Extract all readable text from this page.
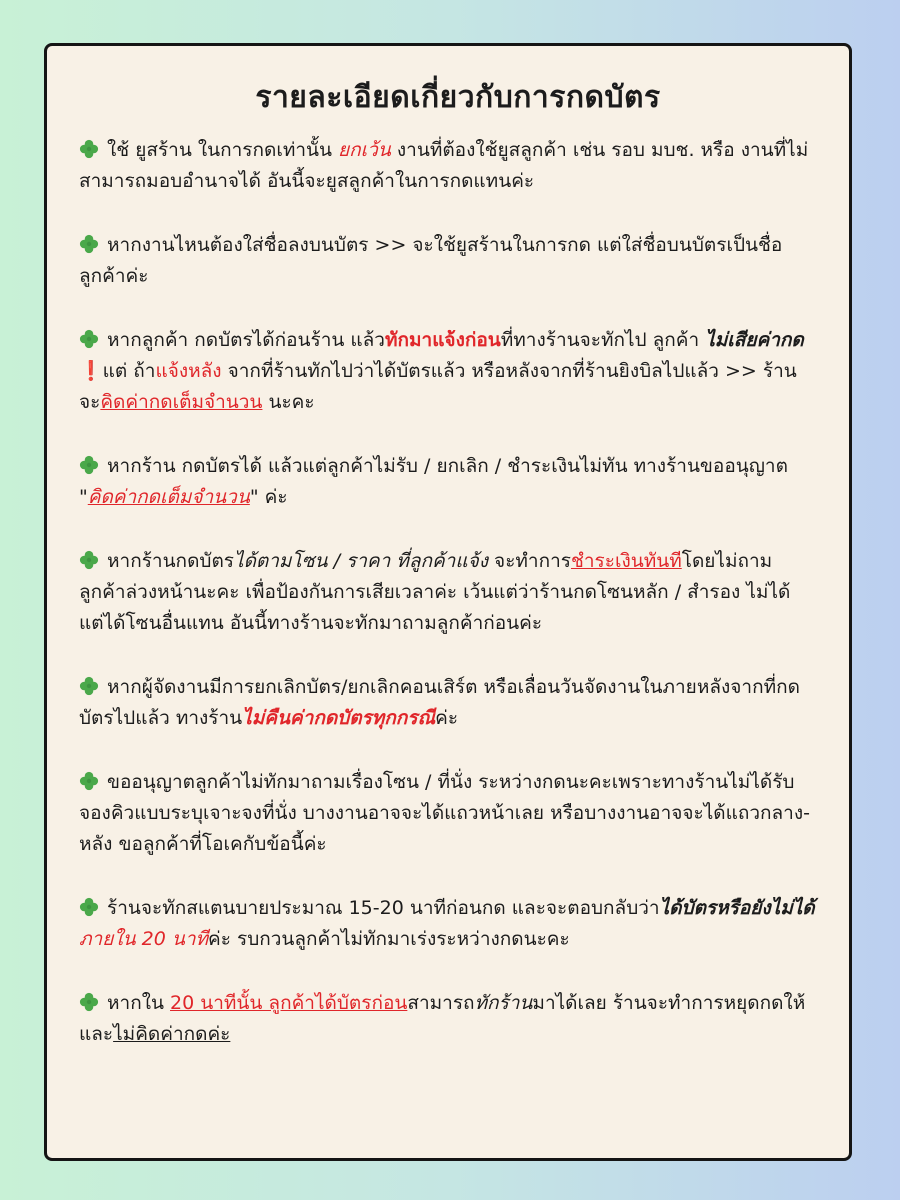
รายละเอียดเกี่ยวกับการกดบัตร
ใช้ ยูสร้าน ในการกดเท่านั้น ยกเว้น งานที่ต้องใช้ยูสลูกค้า เช่น รอบ มบช. หรือ งานที่ไม่สามารถมอบอำนาจได้ อันนี้จะยูสลูกค้าในการกดแทนค่ะ
หากงานไหนต้องใส่ชื่อลงบนบัตร >> จะใช้ยูสร้านในการกด แต่ใส่ชื่อบนบัตรเป็นชื่อลูกค้าค่ะ
หากลูกค้า กดบัตรได้ก่อนร้าน แล้วทักมาแจ้งก่อนที่ทางร้านจะทักไป ลูกค้า ไม่เสียค่ากด ❗แต่ ถ้าแจ้งหลัง จากที่ร้านทักไปว่าได้บัตรแล้ว หรือหลังจากที่ร้านยิงบิลไปแล้ว >> ร้านจะคิดค่ากดเต็มจำนวน นะคะ
หากร้าน กดบัตรได้ แล้วแต่ลูกค้าไม่รับ / ยกเลิก / ชำระเงินไม่ทัน ทางร้านขออนุญาต "คิดค่ากดเต็มจำนวน" ค่ะ
หากร้านกดบัตรได้ตามโซน / ราคา ที่ลูกค้าแจ้ง จะทำการชำระเงินทันทีโดยไม่ถามลูกค้าล่วงหน้านะคะ เพื่อป้องกันการเสียเวลาค่ะ เว้นแต่ว่าร้านกดโซนหลัก / สำรอง ไม่ได้ แต่ได้โซนอื่นแทน อันนี้ทางร้านจะทักมาถามลูกค้าก่อนค่ะ
หากผู้จัดงานมีการยกเลิกบัตร/ยกเลิกคอนเสิร์ต หรือเลื่อนวันจัดงานในภายหลังจากที่กดบัตรไปแล้ว ทางร้านไม่คืนค่ากดบัตรทุกกรณีค่ะ
ขออนุญาตลูกค้าไม่ทักมาถามเรื่องโซน / ที่นั่ง ระหว่างกดนะคะเพราะทางร้านไม่ได้รับจองคิวแบบระบุเจาะจงที่นั่ง บางงานอาจจะได้แถวหน้าเลย หรือบางงานอาจจะได้แถวกลาง-หลัง ขอลูกค้าที่โอเคกับข้อนี้ค่ะ
ร้านจะทักสแตนบายประมาณ 15-20 นาทีก่อนกด และจะตอบกลับว่าได้บัตรหรือยังไม่ได้ ภายใน 20 นาทีค่ะ รบกวนลูกค้าไม่ทักมาเร่งระหว่างกดนะคะ
หากใน 20 นาทีนั้น ลูกค้าได้บัตรก่อนสามารถทักร้านมาได้เลย ร้านจะทำการหยุดกดให้ และไม่คิดค่ากดค่ะ
